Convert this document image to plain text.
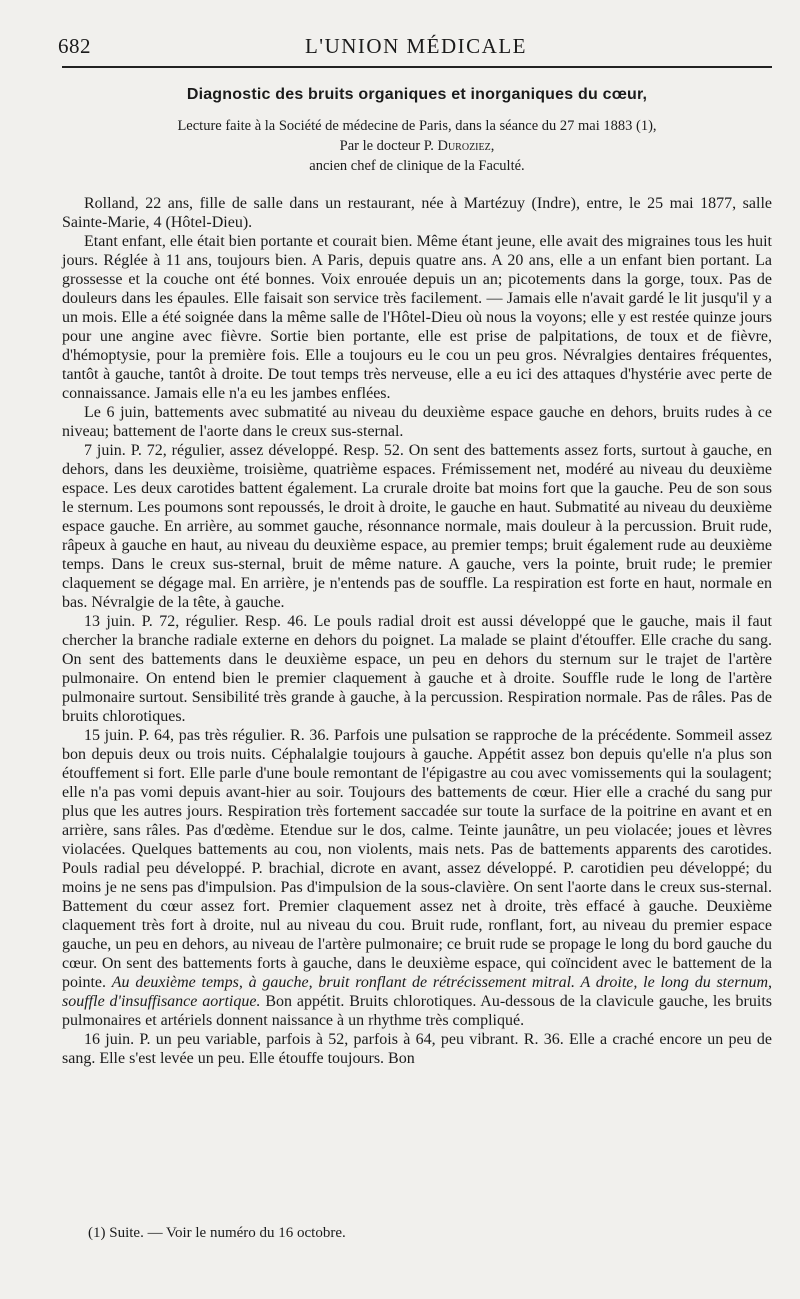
682	L'UNION MÉDICALE
Diagnostic des bruits organiques et inorganiques du cœur,
Lecture faite à la Société de médecine de Paris, dans la séance du 27 mai 1883 (1),
Par le docteur P. Duroziez,
ancien chef de clinique de la Faculté.

Rolland, 22 ans, fille de salle dans un restaurant, née à Martézuy (Indre), entre, le 25 mai 1877, salle Sainte-Marie, 4 (Hôtel-Dieu).

Etant enfant, elle était bien portante et courait bien. Même étant jeune, elle avait des migraines tous les huit jours. Réglée à 11 ans, toujours bien. A Paris, depuis quatre ans. A 20 ans, elle a un enfant bien portant. La grossesse et la couche ont été bonnes. Voix enrouée depuis un an; picotements dans la gorge, toux. Pas de douleurs dans les épaules. Elle faisait son service très facilement. — Jamais elle n'avait gardé le lit jusqu'il y a un mois. Elle a été soignée dans la même salle de l'Hôtel-Dieu où nous la voyons; elle y est restée quinze jours pour une angine avec fièvre. Sortie bien portante, elle est prise de palpitations, de toux et de fièvre, d'hémoptysie, pour la première fois. Elle a toujours eu le cou un peu gros. Névralgies dentaires fréquentes, tantôt à gauche, tantôt à droite. De tout temps très nerveuse, elle a eu ici des attaques d'hystérie avec perte de connaissance. Jamais elle n'a eu les jambes enflées.

Le 6 juin, battements avec submatité au niveau du deuxième espace gauche en dehors, bruits rudes à ce niveau; battement de l'aorte dans le creux sus-sternal.

7 juin. P. 72, régulier, assez développé. Resp. 52. On sent des battements assez forts, surtout à gauche, en dehors, dans les deuxième, troisième, quatrième espaces. Frémissement net, modéré au niveau du deuxième espace. Les deux carotides battent également. La crurale droite bat moins fort que la gauche. Peu de son sous le sternum. Les poumons sont repoussés, le droit à droite, le gauche en haut. Submatité au niveau du deuxième espace gauche. En arrière, au sommet gauche, résonnance normale, mais douleur à la percussion. Bruit rude, râpeux à gauche en haut, au niveau du deuxième espace, au premier temps; bruit également rude au deuxième temps. Dans le creux sus-sternal, bruit de même nature. A gauche, vers la pointe, bruit rude; le premier claquement se dégage mal. En arrière, je n'entends pas de souffle. La respiration est forte en haut, normale en bas. Névralgie de la tête, à gauche.

13 juin. P. 72, régulier. Resp. 46. Le pouls radial droit est aussi développé que le gauche, mais il faut chercher la branche radiale externe en dehors du poignet. La malade se plaint d'étouffer. Elle crache du sang. On sent des battements dans le deuxième espace, un peu en dehors du sternum sur le trajet de l'artère pulmonaire. On entend bien le premier claquement à gauche et à droite. Souffle rude le long de l'artère pulmonaire surtout. Sensibilité très grande à gauche, à la percussion. Respiration normale. Pas de râles. Pas de bruits chlorotiques.

15 juin. P. 64, pas très régulier. R. 36. Parfois une pulsation se rapproche de la précédente. Sommeil assez bon depuis deux ou trois nuits. Céphalalgie toujours à gauche. Appétit assez bon depuis qu'elle n'a plus son étouffement si fort. Elle parle d'une boule remontant de l'épigastre au cou avec vomissements qui la soulagent; elle n'a pas vomi depuis avant-hier au soir. Toujours des battements de cœur. Hier elle a craché du sang pur plus que les autres jours. Respiration très fortement saccadée sur toute la surface de la poitrine en avant et en arrière, sans râles. Pas d'œdème. Etendue sur le dos, calme. Teinte jaunâtre, un peu violacée; joues et lèvres violacées. Quelques battements au cou, non violents, mais nets. Pas de battements apparents des carotides. Pouls radial peu développé. P. brachial, dicrote en avant, assez développé. P. carotidien peu développé; du moins je ne sens pas d'impulsion. Pas d'impulsion de la sous-clavière. On sent l'aorte dans le creux sus-sternal. Battement du cœur assez fort. Premier claquement assez net à droite, très effacé à gauche. Deuxième claquement très fort à droite, nul au niveau du cou. Bruit rude, ronflant, fort, au niveau du premier espace gauche, un peu en dehors, au niveau de l'artère pulmonaire; ce bruit rude se propage le long du bord gauche du cœur. On sent des battements forts à gauche, dans le deuxième espace, qui coïncident avec le battement de la pointe. Au deuxième temps, à gauche, bruit ronflant de rétrécissement mitral. A droite, le long du sternum, souffle d'insuffisance aortique. Bon appétit. Bruits chlorotiques. Au-dessous de la clavicule gauche, les bruits pulmonaires et artériels donnent naissance à un rhythme très compliqué.

16 juin. P. un peu variable, parfois à 52, parfois à 64, peu vibrant. R. 36. Elle a craché encore un peu de sang. Elle s'est levée un peu. Elle étouffe toujours. Bon

(1) Suite. — Voir le numéro du 16 octobre.
